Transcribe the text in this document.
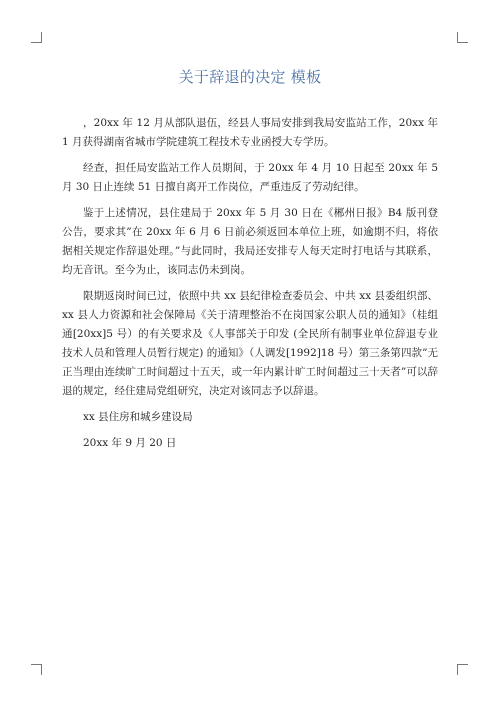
关于辞退的决定 模板

，20xx 年 12 月从部队退伍，经县人事局安排到我局安监站工作，20xx 年 1 月获得湖南省城市学院建筑工程技术专业函授大专学历。

经查，担任局安监站工作人员期间，于 20xx 年 4 月 10 日起至 20xx 年 5 月 30 日止连续 51 日擅自离开工作岗位，严重违反了劳动纪律。

鉴于上述情况，县住建局于 20xx 年 5 月 30 日在《郴州日报》B4 版刊登公告，要求其”在 20xx 年 6 月 6 日前必须返回本单位上班，如逾期不归，将依据相关规定作辞退处理。”与此同时，我局还安排专人每天定时打电话与其联系，均无音讯。至今为止，该同志仍未到岗。

限期返岗时间已过，依照中共 xx 县纪律检查委员会、中共 xx 县委组织部、xx 县人力资源和社会保障局《关于清理整治不在岗国家公职人员的通知》（桂组通[20xx]5 号）的有关要求及《人事部关于印发 (全民所有制事业单位辞退专业技术人员和管理人员暂行规定) 的通知》（人调发[1992]18 号）第三条第四款”无正当理由连续旷工时间超过十五天，或一年内累计旷工时间超过三十天者”可以辞退的规定，经住建局党组研究，决定对该同志予以辞退。

xx 县住房和城乡建设局

20xx 年 9 月 20 日
